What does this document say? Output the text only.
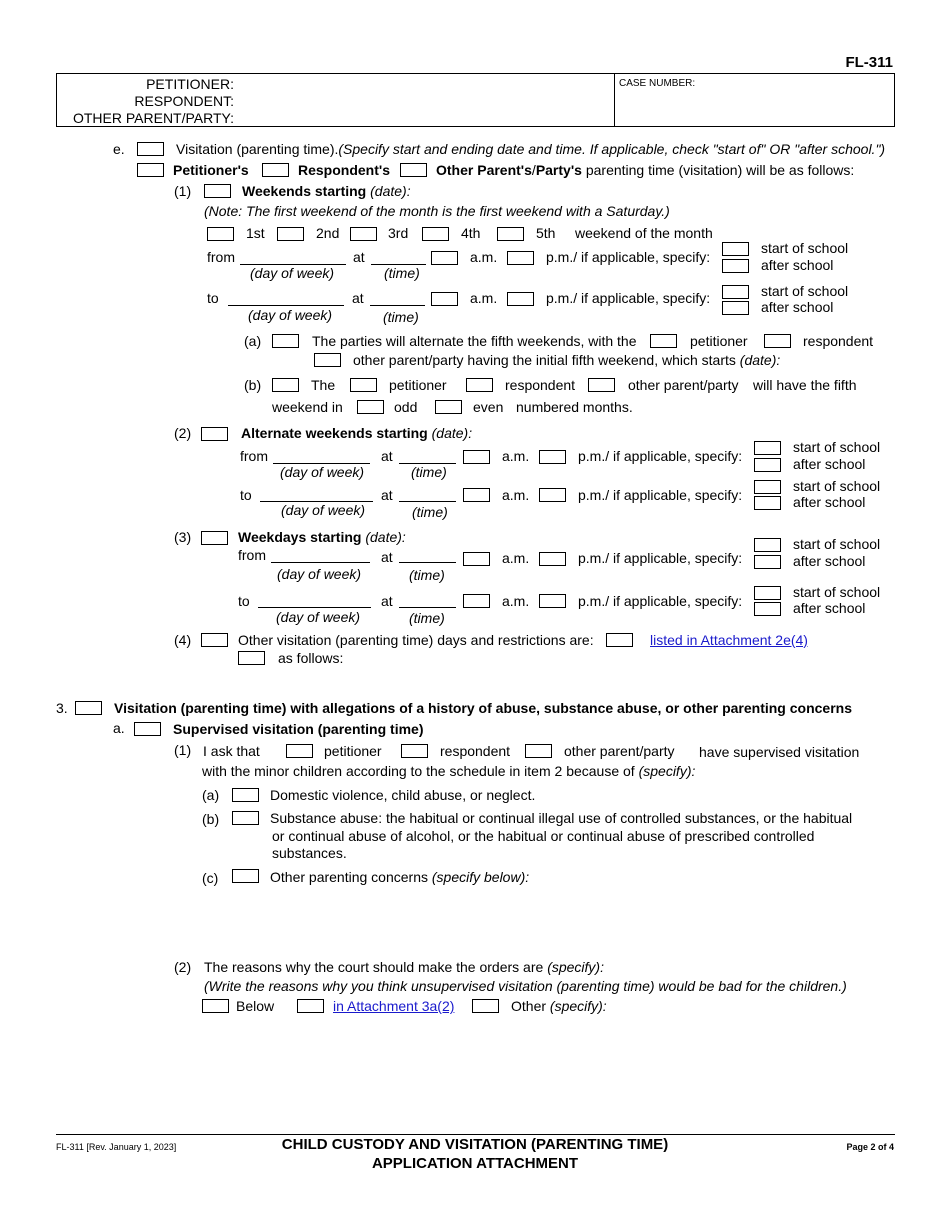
FL-311
PETITIONER:
RESPONDENT:
OTHER PARENT/PARTY:
CASE NUMBER:
e.	Visitation (parenting time).(Specify start and ending date and time. If applicable, check "start of" OR "after school.")
Petitioner's	Respondent's	Other Parent's/Party's parenting time (visitation) will be as follows:
(1)	Weekends starting (date):
(Note: The first weekend of the month is the first weekend with a Saturday.)
1st	2nd	3rd	4th	5th weekend of the month
from
(day of week)
at
(time)
a.m.	p.m./ if applicable, specify:
start of school
after school
to
(day of week)
at
(time)
a.m.	p.m./ if applicable, specify:	start of school
after school
(a)	The parties will alternate the fifth weekends, with the	petitioner	respondent
other parent/party having the initial fifth weekend, which starts (date):
(b)	The	petitioner	respondent	other parent/party will have the fifth
weekend in	odd	even numbered months.
(2)	Alternate weekends starting (date):
from
(day of week)
at
(time)
a.m.	p.m./ if applicable, specify:
start of school
after school
to
(day of week)
at
(time)
a.m.	p.m./ if applicable, specify:
start of school
after school
(3)	Weekdays starting (date):
from
(day of week)
at
(time)
a.m.	p.m./ if applicable, specify:
start of school
after school
to
(day of week)
at
(time)
a.m.	p.m./ if applicable, specify:
start of school
after school
(4)	Other visitation (parenting time) days and restrictions are:	listed in Attachment 2e(4)
as follows:
3.	Visitation (parenting time) with allegations of a history of abuse, substance abuse, or other parenting concerns
a.	Supervised visitation (parenting time)
(1) I ask that	petitioner	respondent	other parent/party have supervised visitation
with the minor children according to the schedule in item 2 because of (specify):
(a)	Domestic violence, child abuse, or neglect.
(b)	Substance abuse: the habitual or continual illegal use of controlled substances, or the habitual
or continual abuse of alcohol, or the habitual or continual abuse of prescribed controlled
substances.
(c)	Other parenting concerns (specify below):
(2) The reasons why the court should make the orders are (specify):
(Write the reasons why you think unsupervised visitation (parenting time) would be bad for the children.)
Below	in Attachment 3a(2)	Other (specify):
FL-311 [Rev. January 1, 2023]	CHILD CUSTODY AND VISITATION (PARENTING TIME)
APPLICATION ATTACHMENT
Page 2 of 4
